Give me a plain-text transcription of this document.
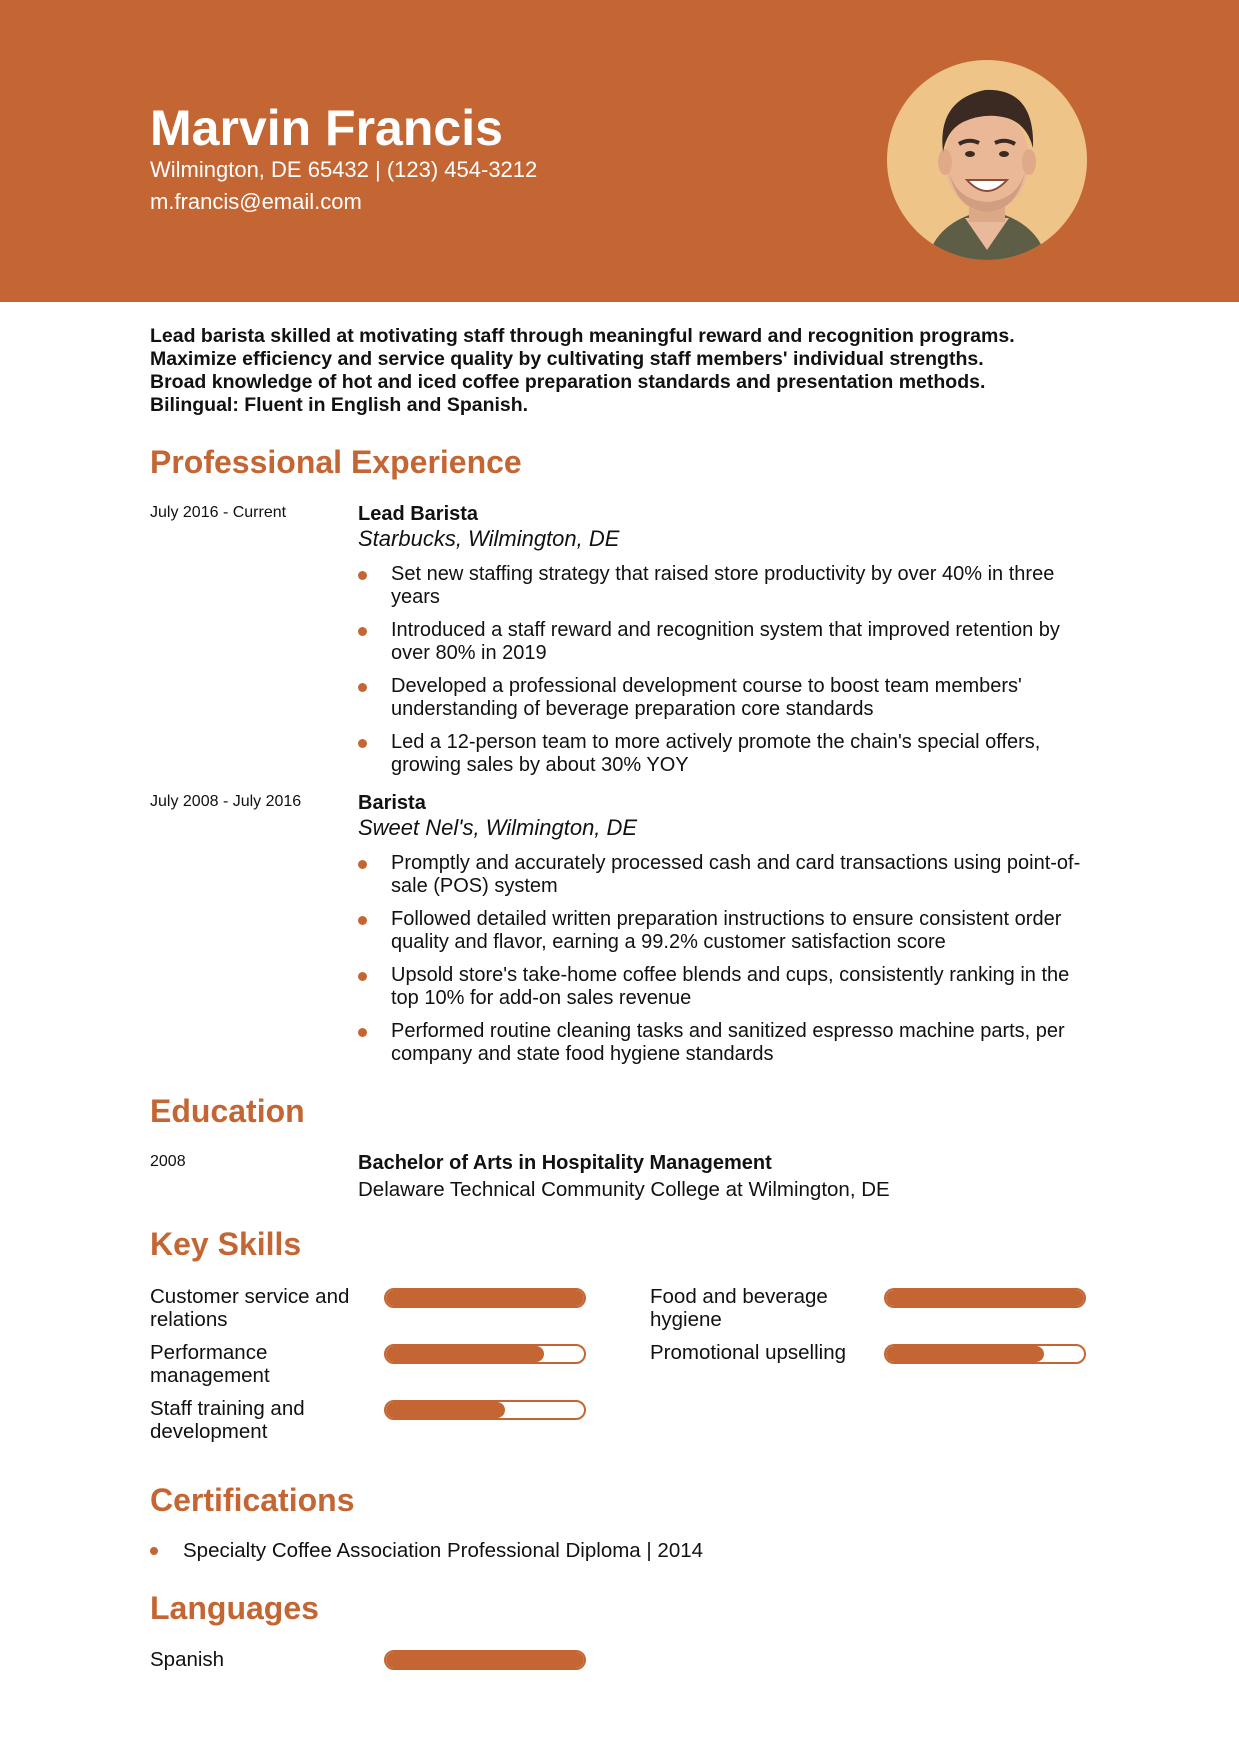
Marvin Francis
Wilmington, DE 65432 | (123) 454-3212
m.francis@email.com
Lead barista skilled at motivating staff through meaningful reward and recognition programs.
Maximize efficiency and service quality by cultivating staff members' individual strengths.
Broad knowledge of hot and iced coffee preparation standards and presentation methods.
Bilingual: Fluent in English and Spanish.
Professional Experience
July 2016 - Current	Lead Barista
Starbucks, Wilmington, DE
Set new staffing strategy that raised store productivity by over 40% in three years
Introduced a staff reward and recognition system that improved retention by over 80% in 2019
Developed a professional development course to boost team members' understanding of beverage preparation core standards
Led a 12-person team to more actively promote the chain's special offers, growing sales by about 30% YOY
July 2008 - July 2016	Barista
Sweet Nel's, Wilmington, DE
Promptly and accurately processed cash and card transactions using point-of-sale (POS) system
Followed detailed written preparation instructions to ensure consistent order quality and flavor, earning a 99.2% customer satisfaction score
Upsold store's take-home coffee blends and cups, consistently ranking in the top 10% for add-on sales revenue
Performed routine cleaning tasks and sanitized espresso machine parts, per company and state food hygiene standards
Education
2008	Bachelor of Arts in Hospitality Management
Delaware Technical Community College at Wilmington, DE
Key Skills
Customer service and relations
Food and beverage hygiene
Performance management
Promotional upselling
Staff training and development
Certifications
Specialty Coffee Association Professional Diploma | 2014
Languages
Spanish
